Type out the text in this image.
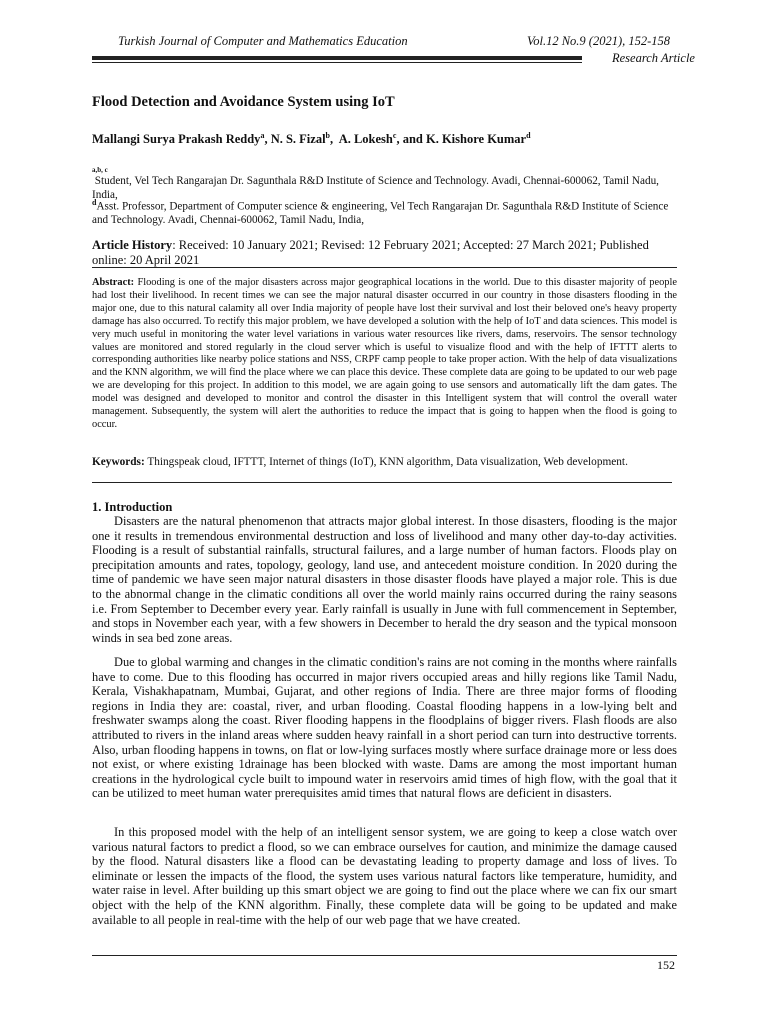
Turkish Journal of Computer and Mathematics Education	Vol.12 No.9 (2021), 152-158
Research Article
Flood Detection and Avoidance System using IoT
Mallangi Surya Prakash Reddy$^a$, N. S. Fizal$^b$,  A. Lokesh$^c$, and K. Kishore Kumar$^d$
a,b, c
Student, Vel Tech Rangarajan Dr. Sagunthala R&D Institute of Science and Technology. Avadi, Chennai-600062, Tamil Nadu, India,
$^d$Asst. Professor, Department of Computer science & engineering, Vel Tech Rangarajan Dr. Sagunthala R&D Institute of Science and Technology. Avadi, Chennai-600062, Tamil Nadu, India,
Article History: Received: 10 January 2021; Revised: 12 February 2021; Accepted: 27 March 2021; Published online: 20 April 2021
Abstract: Flooding is one of the major disasters across major geographical locations in the world. Due to this disaster majority of people had lost their livelihood. In recent times we can see the major natural disaster occurred in our country in those disasters flooding in the major one, due to this natural calamity all over India majority of people have lost their survival and lost their beloved one's heavy property damage has also occurred. To rectify this major problem, we have developed a solution with the help of IoT and data sciences. This model is very much useful in monitoring the water level variations in various water resources like rivers, dams, reservoirs. The sensor technology values are monitored and stored regularly in the cloud server which is useful to visualize flood and with the help of IFTTT alerts to corresponding authorities like nearby police stations and NSS, CRPF camp people to take proper action. With the help of data visualizations and the KNN algorithm, we will find the place where we can place this device. These complete data are going to be updated to our web page we are developing for this project. In addition to this model, we are again going to use sensors and automatically lift the dam gates. The model was designed and developed to monitor and control the disaster in this Intelligent system that will control the overall water management. Subsequently, the system will alert the authorities to reduce the impact that is going to happen when the flood is going to occur.
Keywords: Thingspeak cloud, IFTTT, Internet of things (IoT), KNN algorithm, Data visualization, Web development.
1. Introduction
Disasters are the natural phenomenon that attracts major global interest. In those disasters, flooding is the major one it results in tremendous environmental destruction and loss of livelihood and many other day-to-day activities. Flooding is a result of substantial rainfalls, structural failures, and a large number of human factors. Floods play on precipitation amounts and rates, topology, geology, land use, and antecedent moisture condition. In 2020 during the time of pandemic we have seen major natural disasters in those disaster floods have played a major role. This is due to the abnormal change in the climatic conditions all over the world mainly rains occurred during the rainy seasons i.e. From September to December every year. Early rainfall is usually in June with full commencement in September, and stops in November each year, with a few showers in December to herald the dry season and the typical monsoon winds in sea bed zone areas.
Due to global warming and changes in the climatic condition's rains are not coming in the months where rainfalls have to come. Due to this flooding has occurred in major rivers occupied areas and hilly regions like Tamil Nadu, Kerala, Vishakhapatnam, Mumbai, Gujarat, and other regions of India. There are three major forms of flooding regions in India they are: coastal, river, and urban flooding. Coastal flooding happens in a low-lying belt and freshwater swamps along the coast. River flooding happens in the floodplains of bigger rivers. Flash floods are also attributed to rivers in the inland areas where sudden heavy rainfall in a short period can turn into destructive torrents. Also, urban flooding happens in towns, on flat or low-lying surfaces mostly where surface drainage more or less does not exist, or where existing 1drainage has been blocked with waste. Dams are among the most important human creations in the hydrological cycle built to impound water in reservoirs amid times of high flow, with the goal that it can be utilized to meet human water prerequisites amid times that natural flows are deficient in disasters.
In this proposed model with the help of an intelligent sensor system, we are going to keep a close watch over various natural factors to predict a flood, so we can embrace ourselves for caution, and minimize the damage caused by the flood. Natural disasters like a flood can be devastating leading to property damage and loss of lives. To eliminate or lessen the impacts of the flood, the system uses various natural factors like temperature, humidity, and water raise in level. After building up this smart object we are going to find out the place where we can fix our smart object with the help of the KNN algorithm. Finally, these complete data will be going to be updated and make available to all people in real-time with the help of our web page that we have created.
152
